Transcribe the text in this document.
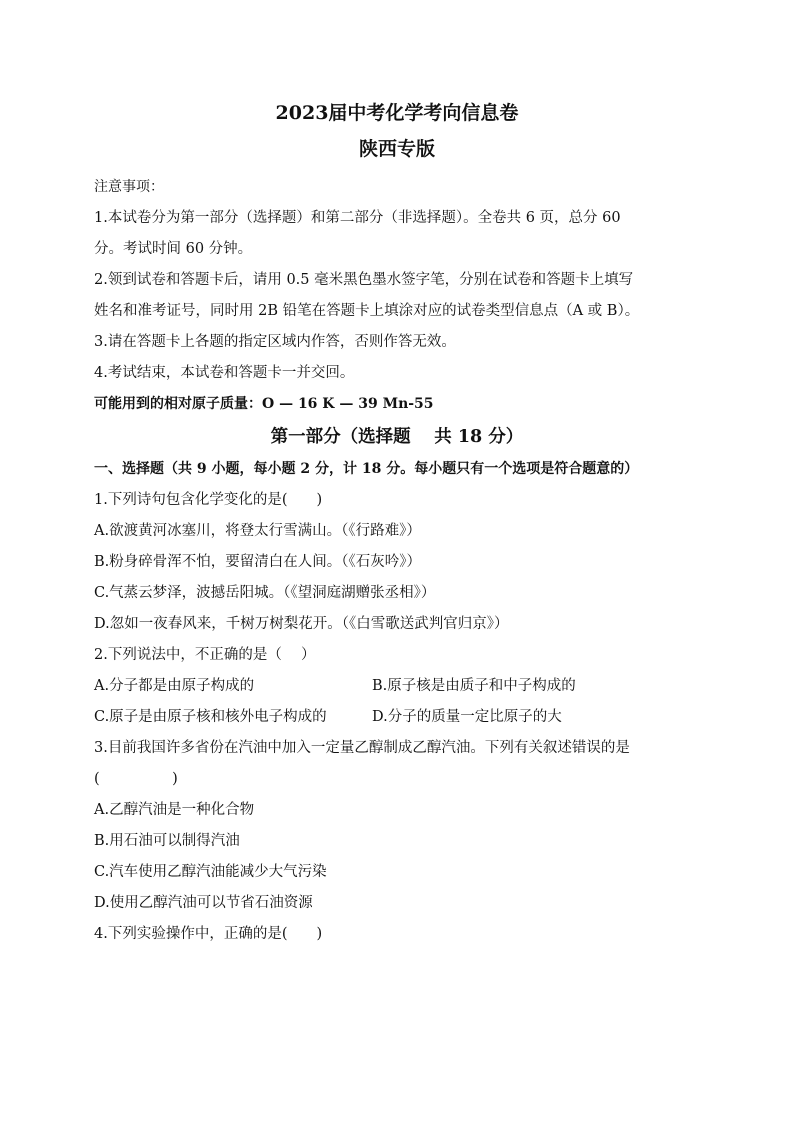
2023届中考化学考向信息卷

陕西专版

注意事项：

1.本试卷分为第一部分（选择题）和第二部分（非选择题）。全卷共 6 页，总分 60

分。考试时间 60 分钟。

2.领到试卷和答题卡后，请用 0.5 毫米黑色墨水签字笔，分别在试卷和答题卡上填写

姓名和准考证号，同时用 2B 铅笔在答题卡上填涂对应的试卷类型信息点（A 或 B）。

3.请在答题卡上各题的指定区域内作答，否则作答无效。

4.考试结束，本试卷和答题卡一并交回。

可能用到的相对原子质量：O — 16 K — 39 Mn-55

第一部分（选择题　 共 18 分）

一、选择题（共 9 小题，每小题 2 分，计 18 分。每小题只有一个选项是符合题意的）

1.下列诗句包含化学变化的是(　　)

A.欲渡黄河冰塞川，将登太行雪满山。（《行路难》）

B.粉身碎骨浑不怕，要留清白在人间。（《石灰吟》）

C.气蒸云梦泽，波撼岳阳城。（《望洞庭湖赠张丞相》）

D.忽如一夜春风来，千树万树梨花开。（《白雪歌送武判官归京》）

2.下列说法中，不正确的是（　 ）

A.分子都是由原子构成的	B.原子核是由质子和中子构成的
C.原子是由原子核和核外电子构成的	D.分子的质量一定比原子的大

3.目前我国许多省份在汽油中加入一定量乙醇制成乙醇汽油。下列有关叙述错误的是

(　　　　　)

A.乙醇汽油是一种化合物

B.用石油可以制得汽油

C.汽车使用乙醇汽油能减少大气污染

D.使用乙醇汽油可以节省石油资源

4.下列实验操作中，正确的是(　　)
